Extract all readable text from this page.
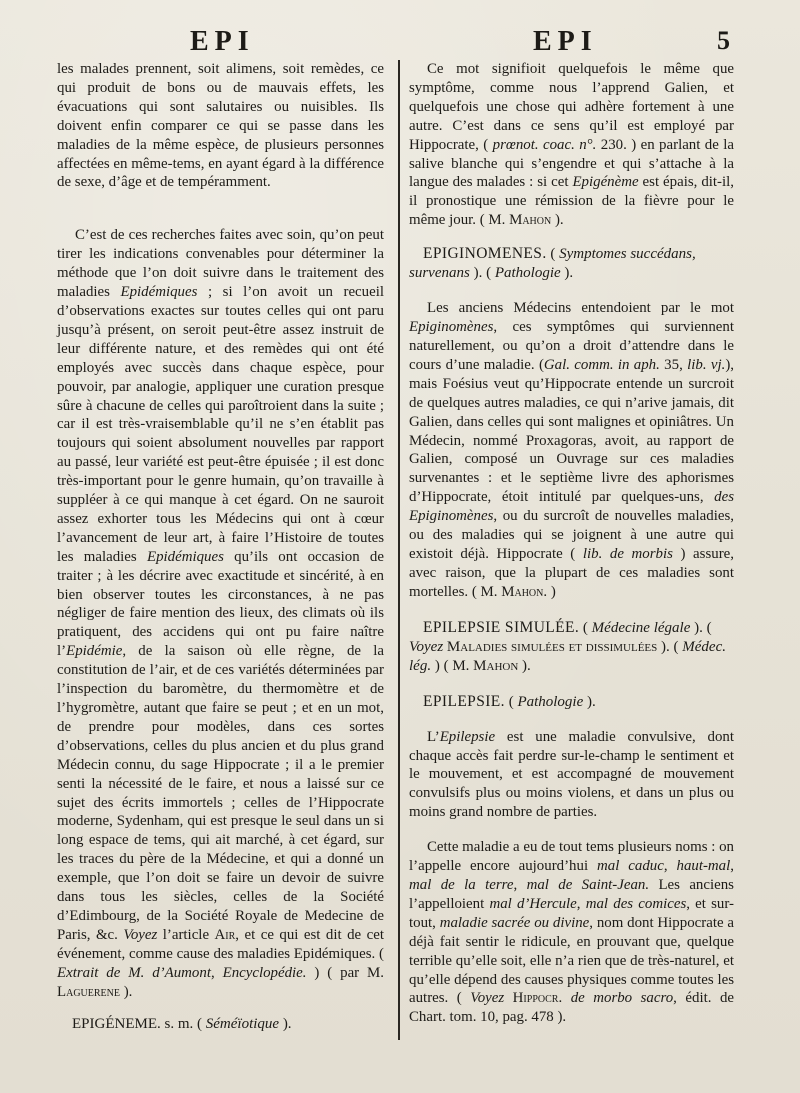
EPI	EPI	5

les malades prennent, soit alimens, soit remèdes, ce qui produit de bons ou de mauvais effets, les évacuations qui sont salutaires ou nuisibles. Ils doivent enfin comparer ce qui se passe dans les maladies de la même espèce, de plusieurs personnes affectées en même-tems, en ayant égard à la différence de sexe, d’âge et de tempéramment.

C’est de ces recherches faites avec soin, qu’on peut tirer les indications convenables pour déterminer la méthode que l’on doit suivre dans le traitement des maladies Epidémiques ; si l’on avoit un recueil d’observations exactes sur toutes celles qui ont paru jusqu’à présent, on seroit peut-être assez instruit de leur différente nature, et des remèdes qui ont été employés avec succès dans chaque espèce, pour pouvoir, par analogie, appliquer une curation presque sûre à chacune de celles qui paroîtroient dans la suite ; car il est très-vraisemblable qu’il ne s’en établit pas toujours qui soient absolument nouvelles par rapport au passé, leur variété est peut-être épuisée ; il est donc très-important pour le genre humain, qu’on travaille à suppléer à ce qui manque à cet égard. On ne sauroit assez exhorter tous les Médecins qui ont à cœur l’avancement de leur art, à faire l’Histoire de toutes les maladies Epidémiques qu’ils ont occasion de traiter ; à les décrire avec exactitude et sincérité, à en bien observer toutes les circonstances, à ne pas négliger de faire mention des lieux, des climats où ils pratiquent, des accidens qui ont pu faire naître l’Epidémie, de la saison où elle règne, de la constitution de l’air, et de ces variétés déterminées par l’inspection du baromètre, du thermomètre et de l’hygromètre, autant que faire se peut ; et en un mot, de prendre pour modèles, dans ces sortes d’observations, celles du plus ancien et du plus grand Médecin connu, du sage Hippocrate ; il a le premier senti la nécessité de le faire, et nous a laissé sur ce sujet des écrits immortels ; celles de l’Hippocrate moderne, Sydenham, qui est presque le seul dans un si long espace de tems, qui ait marché, à cet égard, sur les traces du père de la Médecine, et qui a donné un exemple, que l’on doit se faire un devoir de suivre dans tous les siècles, celles de la Société d’Edimbourg, de la Société Royale de Medecine de Paris, &c. Voyez l’article Air, et ce qui est dit de cet événement, comme cause des maladies Epidémiques. ( Extrait de M. d’Aumont, Encyclopédie. ) ( par M. Laguerene ).

EPIGÉNEME. s. m. ( Séméïotique ).

Ce mot signifioit quelquefois le même que symptôme, comme nous l’apprend Galien, et quelquefois une chose qui adhère fortement à une autre. C’est dans ce sens qu’il est employé par Hippocrate, ( prœnot. coac. n°. 230. ) en parlant de la salive blanche qui s’engendre et qui s’attache à la langue des malades : si cet Epigénème est épais, dit-il, il pronostique une rémission de la fièvre pour le même jour. ( M. Mahon ).

EPIGINOMENES. ( Symptomes succédans, survenans ). ( Pathologie ).

Les anciens Médecins entendoient par le mot Epiginomènes, ces symptômes qui surviennent naturellement, ou qu’on a droit d’attendre dans le cours d’une maladie. (Gal. comm. in aph. 35, lib. vj.), mais Foésius veut qu’Hippocrate entende un surcroit de quelques autres maladies, ce qui n’arive jamais, dit Galien, dans celles qui sont malignes et opiniâtres. Un Médecin, nommé Proxagoras, avoit, au rapport de Galien, composé un Ouvrage sur ces maladies survenantes : et le septième livre des aphorismes d’Hippocrate, étoit intitulé par quelques-uns, des Epiginomènes, ou du surcroît de nouvelles maladies, ou des maladies qui se joignent à une autre qui existoit déjà. Hippocrate ( lib. de morbis ) assure, avec raison, que la plupart de ces maladies sont mortelles. ( M. Mahon. )

EPILEPSIE SIMULÉE. ( Médecine légale ). ( Voyez Maladies simulées et dissimulées ). ( Médec. lég. ) ( M. Mahon ).

EPILEPSIE. ( Pathologie ).

L’Epilepsie est une maladie convulsive, dont chaque accès fait perdre sur-le-champ le sentiment et le mouvement, et est accompagné de mouvement convulsifs plus ou moins violens, et dans un plus ou moins grand nombre de parties.

Cette maladie a eu de tout tems plusieurs noms : on l’appelle encore aujourd’hui mal caduc, haut-mal, mal de la terre, mal de Saint-Jean. Les anciens l’appelloient mal d’Hercule, mal des comices, et sur-tout, maladie sacrée ou divine, nom dont Hippocrate a déjà fait sentir le ridicule, en prouvant que, quelque terrible qu’elle soit, elle n’a rien que de très-naturel, et qu’elle dépend des causes physiques comme toutes les autres. ( Voyez Hippocr. de morbo sacro, édit. de Chart. tom. 10, pag. 478 ).
